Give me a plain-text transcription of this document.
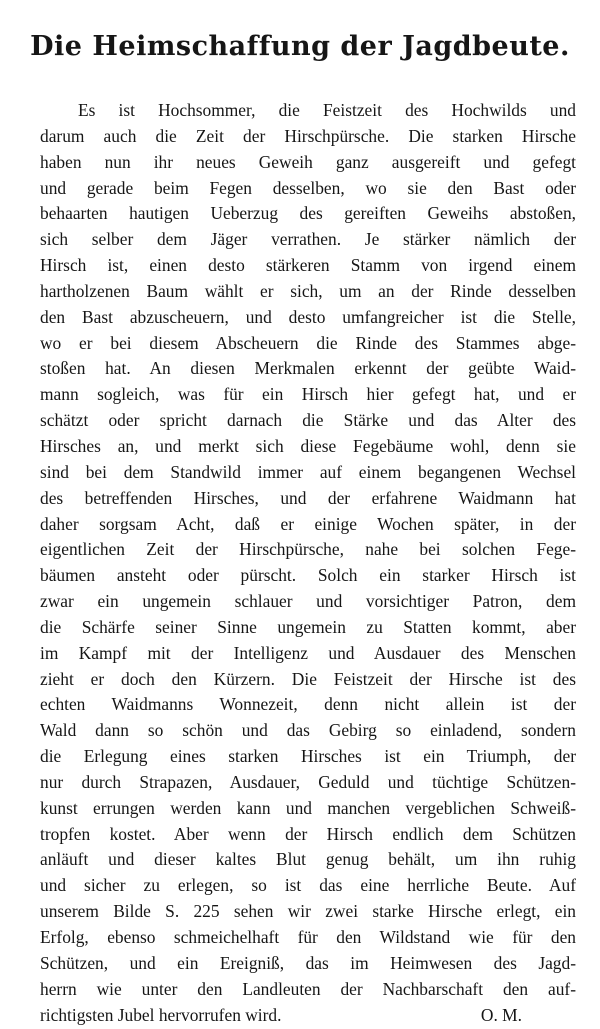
Die Heimschaffung der Jagdbeute.
Es ist Hochsommer, die Feistzeit des Hochwilds und
darum auch die Zeit der Hirschpürsche. Die starken Hirsche
haben nun ihr neues Geweih ganz ausgereift und gefegt
und gerade beim Fegen desselben, wo sie den Bast oder
behaarten hautigen Ueberzug des gereiften Geweihs abstoßen,
sich selber dem Jäger verrathen. Je stärker nämlich der
Hirsch ist, einen desto stärkeren Stamm von irgend einem
hartholzenen Baum wählt er sich, um an der Rinde desselben
den Bast abzuscheuern, und desto umfangreicher ist die Stelle,
wo er bei diesem Abscheuern die Rinde des Stammes abge-
stoßen hat. An diesen Merkmalen erkennt der geübte Waid-
mann sogleich, was für ein Hirsch hier gefegt hat, und er
schätzt oder spricht darnach die Stärke und das Alter des
Hirsches an, und merkt sich diese Fegebäume wohl, denn sie
sind bei dem Standwild immer auf einem begangenen Wechsel
des betreffenden Hirsches, und der erfahrene Waidmann hat
daher sorgsam Acht, daß er einige Wochen später, in der
eigentlichen Zeit der Hirschpürsche, nahe bei solchen Fege-
bäumen ansteht oder pürscht. Solch ein starker Hirsch ist
zwar ein ungemein schlauer und vorsichtiger Patron, dem
die Schärfe seiner Sinne ungemein zu Statten kommt, aber
im Kampf mit der Intelligenz und Ausdauer des Menschen
zieht er doch den Kürzern. Die Feistzeit der Hirsche ist des
echten Waidmanns Wonnezeit, denn nicht allein ist der
Wald dann so schön und das Gebirg so einladend, sondern
die Erlegung eines starken Hirsches ist ein Triumph, der
nur durch Strapazen, Ausdauer, Geduld und tüchtige Schützen-
kunst errungen werden kann und manchen vergeblichen Schweiß-
tropfen kostet. Aber wenn der Hirsch endlich dem Schützen
anläuft und dieser kaltes Blut genug behält, um ihn ruhig
und sicher zu erlegen, so ist das eine herrliche Beute. Auf
unserem Bilde S. 225 sehen wir zwei starke Hirsche erlegt, ein
Erfolg, ebenso schmeichelhaft für den Wildstand wie für den
Schützen, und ein Ereigniß, das im Heimwesen des Jagd-
herrn wie unter den Landleuten der Nachbarschaft den auf-
richtigsten Jubel hervorrufen wird.	O. M.
